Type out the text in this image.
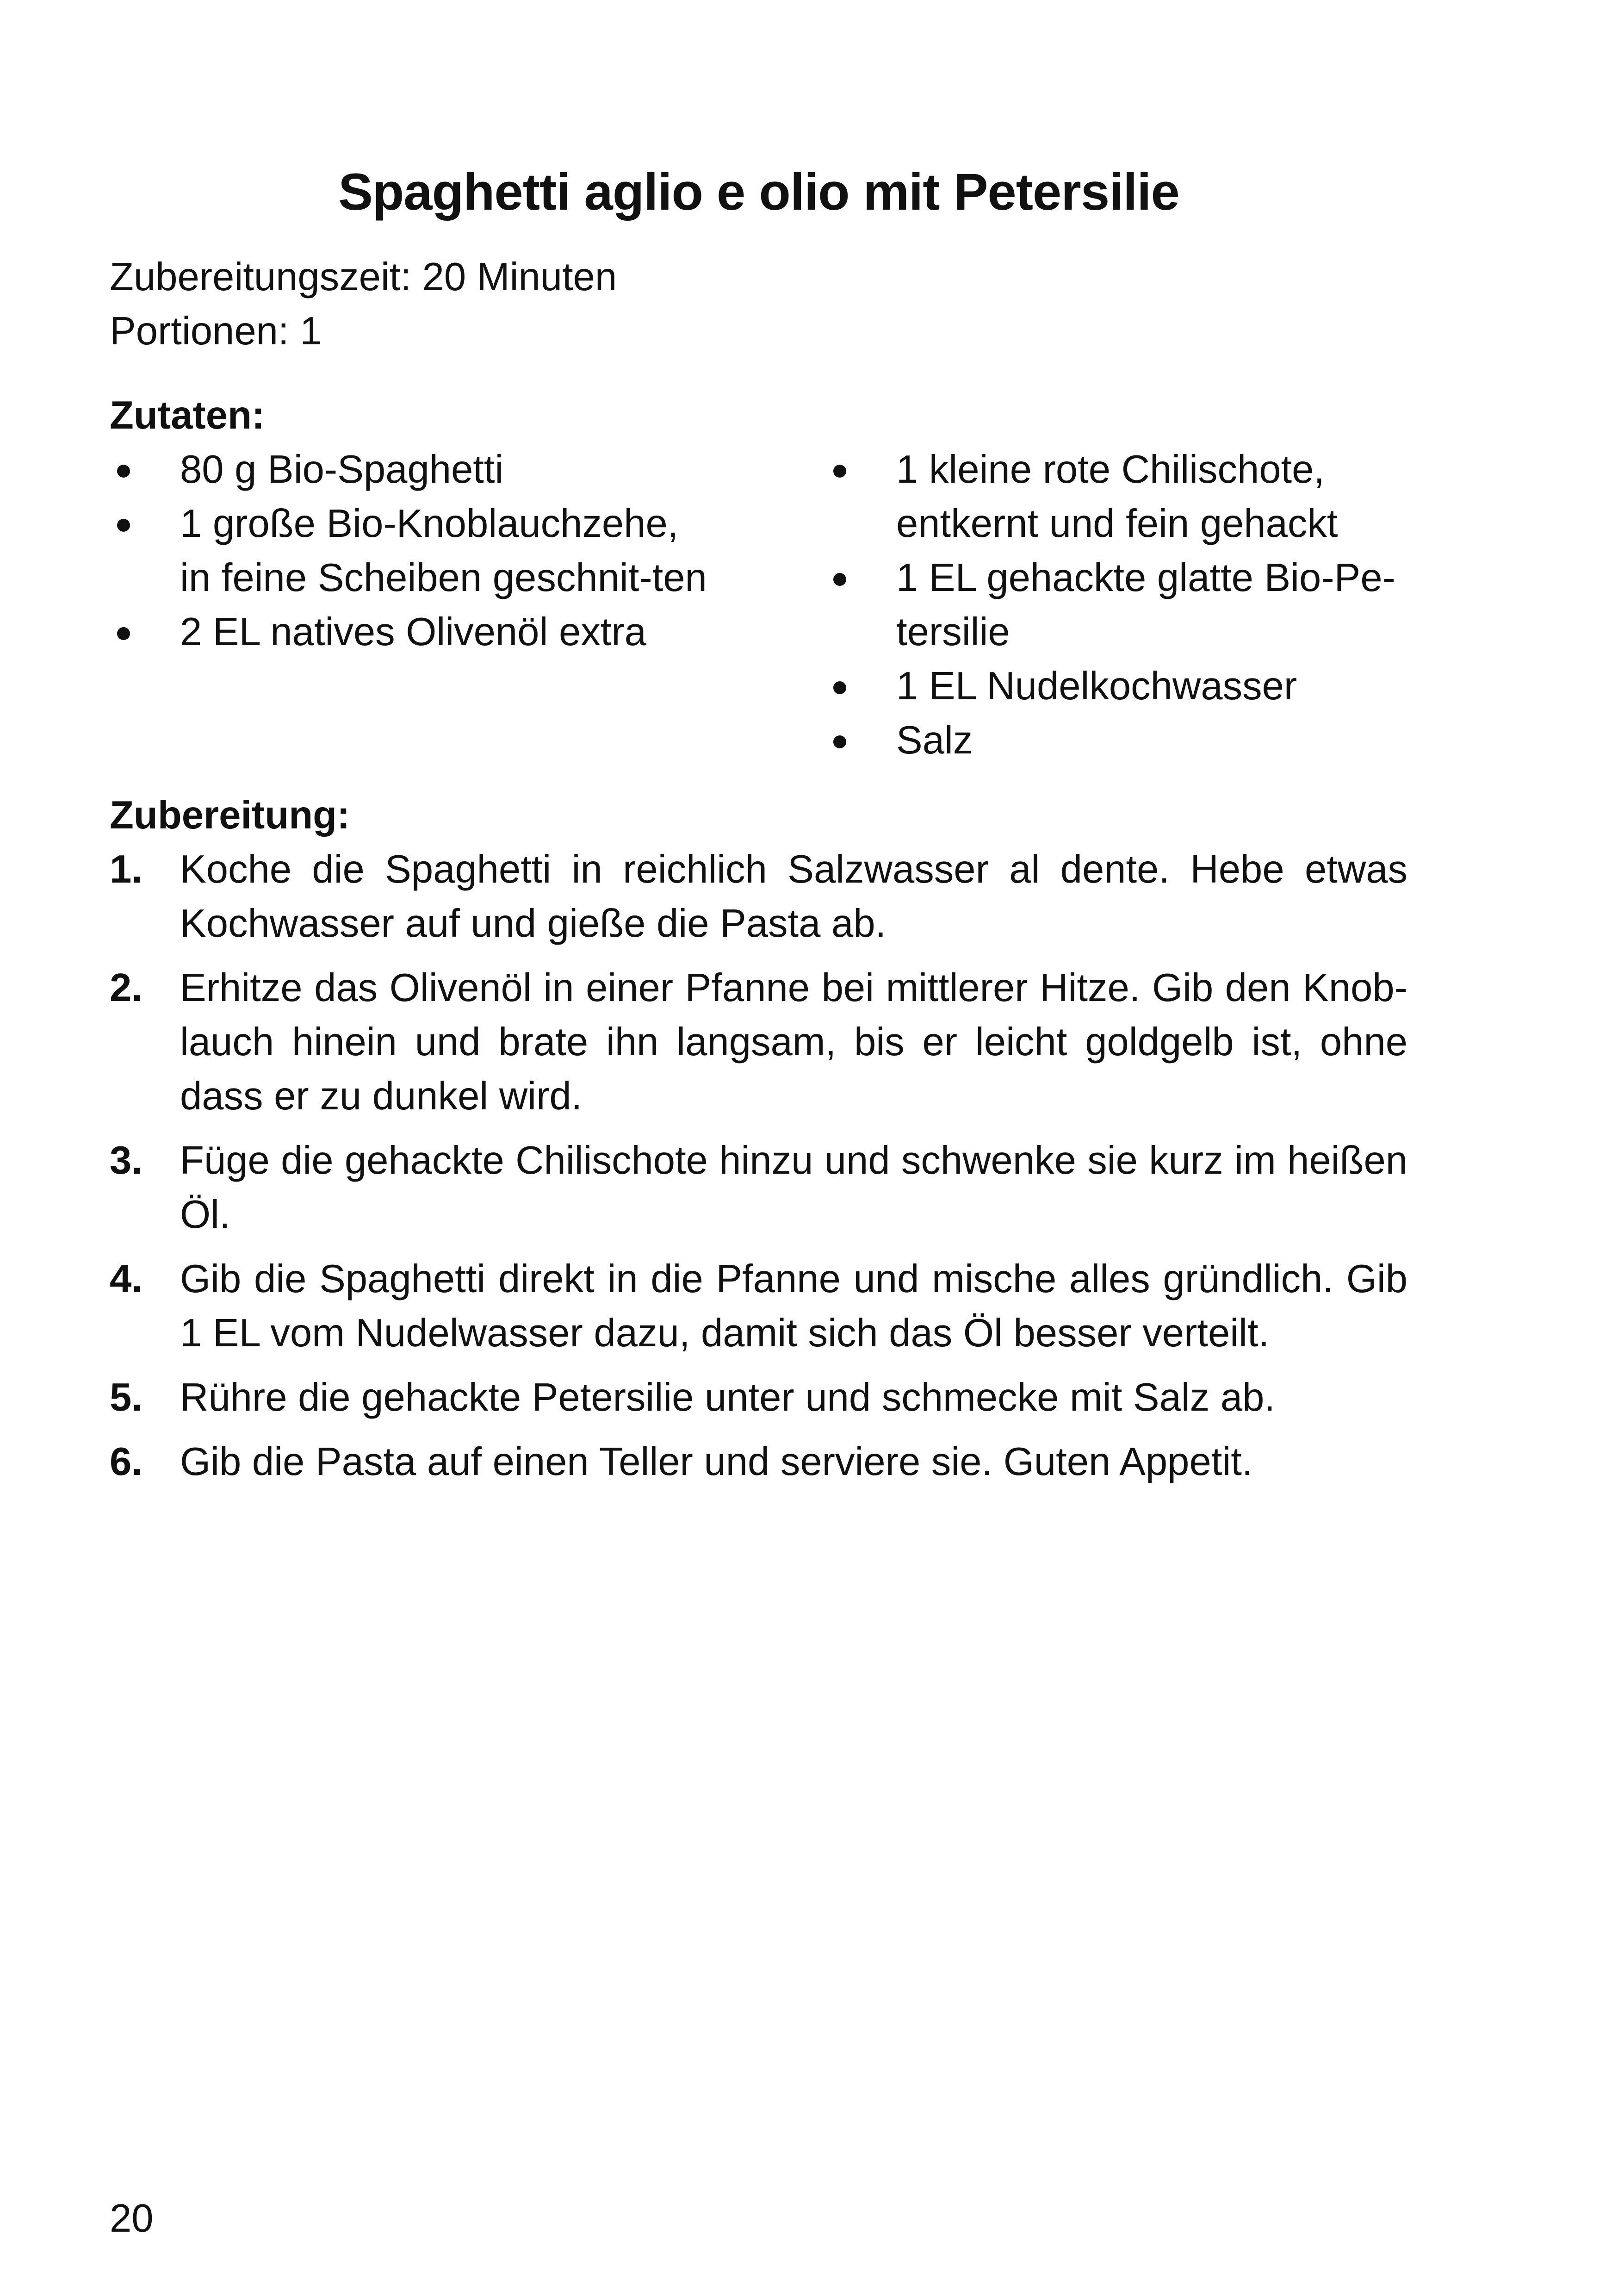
Spaghetti aglio e olio mit Petersilie
Zubereitungszeit: 20 Minuten
Portionen: 1
Zutaten:
80 g Bio-Spaghetti
1 große Bio-Knoblauchzehe, in feine Scheiben geschnit-ten
2 EL natives Olivenöl extra
1 kleine rote Chilischote, entkernt und fein gehackt
1 EL gehackte glatte Bio-Pe-tersilie
1 EL Nudelkochwasser
Salz
Zubereitung:
1. Koche die Spaghetti in reichlich Salzwasser al dente. Hebe etwas Kochwasser auf und gieße die Pasta ab.
2. Erhitze das Olivenöl in einer Pfanne bei mittlerer Hitze. Gib den Knob-lauch hinein und brate ihn langsam, bis er leicht goldgelb ist, ohne dass er zu dunkel wird.
3. Füge die gehackte Chilischote hinzu und schwenke sie kurz im heißen Öl.
4. Gib die Spaghetti direkt in die Pfanne und mische alles gründlich. Gib 1 EL vom Nudelwasser dazu, damit sich das Öl besser verteilt.
5. Rühre die gehackte Petersilie unter und schmecke mit Salz ab.
6. Gib die Pasta auf einen Teller und serviere sie. Guten Appetit.
20
